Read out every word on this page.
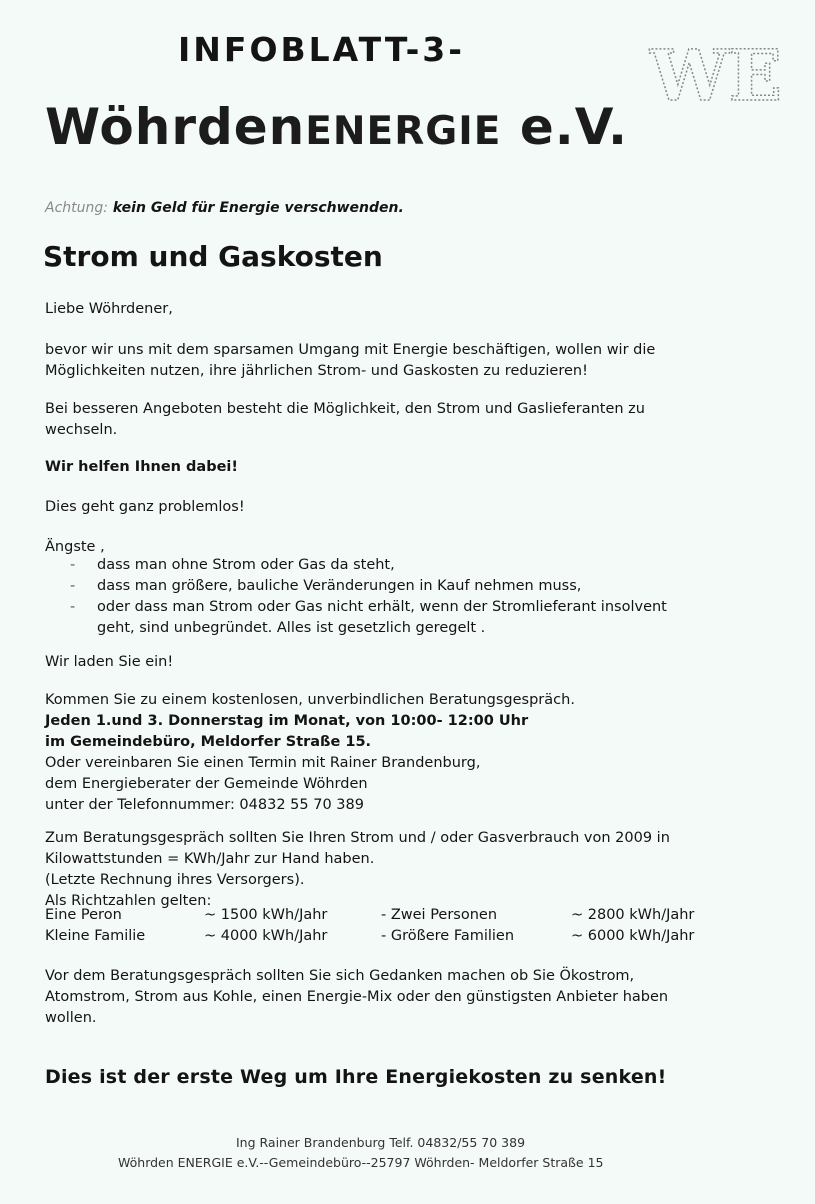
INFOBLATT-3-	WE
WöhrdenENERGIE e.V.
Achtung: kein Geld für Energie verschwenden.
Strom und Gaskosten
Liebe Wöhrdener,
bevor wir uns mit dem sparsamen Umgang mit Energie beschäftigen, wollen wir die
Möglichkeiten nutzen, ihre jährlichen Strom- und Gaskosten zu reduzieren!
Bei besseren Angeboten besteht die Möglichkeit, den Strom und Gaslieferanten zu
wechseln.
Wir helfen Ihnen dabei!
Dies geht ganz problemlos!
Ängste ,
- dass man ohne Strom oder Gas da steht,
- dass man größere, bauliche Veränderungen in Kauf nehmen muss,
- oder dass man Strom oder Gas nicht erhält, wenn der Stromlieferant insolvent
geht, sind unbegründet. Alles ist gesetzlich geregelt .
Wir laden Sie ein!
Kommen Sie zu einem kostenlosen, unverbindlichen Beratungsgespräch.
Jeden 1.und 3. Donnerstag im Monat, von 10:00- 12:00 Uhr
im Gemeindebüro, Meldorfer Straße 15.
Oder vereinbaren Sie einen Termin mit Rainer Brandenburg,
dem Energieberater der Gemeinde Wöhrden
unter der Telefonnummer: 04832 55 70 389
Zum Beratungsgespräch sollten Sie Ihren Strom und / oder Gasverbrauch von 2009 in
Kilowattstunden = KWh/Jahr zur Hand haben.
(Letzte Rechnung ihres Versorgers).
Als Richtzahlen gelten:
Eine Peron	~ 1500 kWh/Jahr	- Zwei Personen	~ 2800 kWh/Jahr
Kleine Familie	~ 4000 kWh/Jahr	- Größere Familien	~ 6000 kWh/Jahr
Vor dem Beratungsgespräch sollten Sie sich Gedanken machen ob Sie Ökostrom,
Atomstrom, Strom aus Kohle, einen Energie-Mix oder den günstigsten Anbieter haben
wollen.
Dies ist der erste Weg um Ihre Energiekosten zu senken!
Ing Rainer Brandenburg Telf. 04832/55 70 389
Wöhrden ENERGIE e.V.--Gemeindebüro--25797 Wöhrden- Meldorfer Straße 15
